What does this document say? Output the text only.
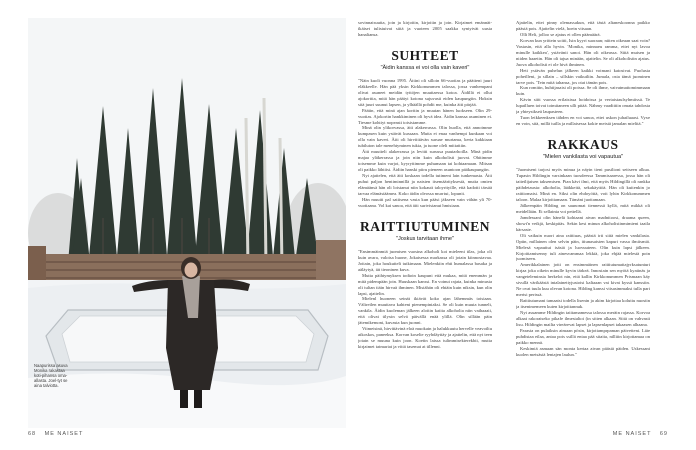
Naapurissa asuva Monika rakastaa koti-pihansa oma-allasta. Joel-tyt se aina talviotta.
68 ME NAISET	ME NAISET 69

sovinnaisuutta, join ja kirjoitin, kirjoitin ja join. Kirjaimet emännät-ikäiset tulistuivat siitä ja vuoteen 2005 saakka syntyivät uusia hanaliansa.

SUHTEET
"Äidin kanssa ei voi olla vain kaveri"

"Näin kuoli vuonna 1995. Äitini oli silloin 66-vuotias ja päätteni juuri eläkkeelle. Hän pää yksin Kirkkonummen talossa, jossa vanhempani olivat asuneet meidän tyttöjen muuttaessa kotoa. Äidillä ei ollut ajokorttia, mitä hän päätyi kotona sujuvasti eiden kaupungiin. Hoksin sitä juuri suunut lapsen, ja ylhäällä pohdit me, kuinka äiti pärjää.

Päätin, että minä ajan korttin ja muutan hänen luokseen. Olin 29-vuotias. Ajokortin hankkiminen oli hyvä idea. Äidin kanssa asuminen ei. Tiesme kohtiyt nopeasti toisistamme.

Minä olin ylikorvassa, äiti alakerrassa. Olin huolla, että annoimme kumpasen kuin ystävät kussaan. Mutta ei enaa vanhempi kunkaan voi olla vain kaveri. Äiti oli hirviittävän suruae murtama, kerta kakkiaan tubiluton tale menehtyminen tukia, ja tuone oleli mittattiin.

Äiti muutteli alakerrassa ja levitti surussa puutarhoilla. Minä pidin majaa yläkerrassa ja join niin kuin alkoholisti juovat. Ohitimme toisemme kuin varjot, kyyryttimme puhumaan tai kohtaamaan. Mitsan oli paikko lähtiisi. Äidiin hanski piiru pieneen asuntoon pääkaupungiin.

Nyt ajattelen, että äiti koskaan todella tutiment lain tunkemasta. Äiti puhui paljon hentiminnillä ja naisten itsemäärityksestä, mutta omien elämäänsä hän oli loistanut niin kokautt taloyrityille, että kadotti tärsää tarvaa elämästäämea. Koko äidin oleossa murrtui, lopunit.

Hän muutti pal satiisena vasta kun pääsi jäkseen vain vähän yli 70-vuotiaana. Vol kai sanoa, että äiti surivistanut hmisiaan.

RAITTIUTUMINEN
"Joskus tarvitaan ihme"

"Ensimmäinmiä juomisen vuosina alkoholi koi mieleeni tilas, joka oli kuin avara, valoisa huone, Jokaisessa markassa oli jotain kiinnostavaa. Joitain, joka houkutteli tutkimaan. Mielenkiin ehti humalassa basaka ja aäläytyä, iät tieoninen kuva.

Mutta päihtymyksen todtoin kaupuni että mukaa, mitä enemmän ja mitä pidempään join. Huuskaan kanssi. En voinut rajata, kuinka minusta oli tultan tiäin hirvaä ihminen. Mistähän oli ehtäin kuin niksin, kun olin lapsi, ajattelin.

Mielenl huoneen seinät ikiävät koko ajan lähemmäs toisiaan. Välireilen muuttava kahteni pienempiniaksi. Se oli kuin muuta tunnelt, vankila. Äidin kuoleman jälkeen aloitin kaiita alkoholia niin vaihaaaii, että olivat tilyxin selvä päivällä enää ylillä. Olin sillään päin jätemikemoni, kuvasta kun juonni.

Viimeisinä, hirvittävinä eloä muokain ja halukkuutu hervelle veavoiltu aikoskos, paneeksa. Korvan koselie ryyhdäyttäy ja ajattelin, että nyt teen jotain se muuna kuin joon. Koetin laissa tulimmisekterekbii, mutta kirjaimet tatmariat ja vittä tasemat at tillenni.

Ajattelin, ettei pinny olemassakun, että tästä altaneskoonna paikko päästä pois. Ajattelin vielä, hoein vitsaan.

Olli Heli, jolloo se ajatus ei ollen päämäärä.

Korvan kun yrittein soitti, Isin kyyri suoraan; niiten oikeaan saat voin? Vastasin, että alla hyvin. 'Monika, minnaeu ramma, ettei nyt lavoa minulle kaikkea', ystävänii sanoi. Hän oli oikeassa. Siitä muisen ja niiden haaetin. Hän oli tajua minään, ajattelin. Se oli alkoholistin ajatus. Juova alkoholisti ei ole hivä ihminen.

Heti ystävän puhelun jälkeen kaikki voimani katosivat. Puolusta poheilleni, ja sillain – sillskin vaikutliin. Jumala, osta tämä juominen tarve pois. 'Tein mitä tahansa, jos otat tämän pois.

Kun romitin, huhtijasaisi oli poissa. Se oli ihme, vaivatmattomimmaan kuin.

Kävin siitt vuossa erilaisissa hoidoissa ja vertaistaulsyhmiissä. Te lupailluen toivat toimitaneen ulli pitää. Nähmy vaadittiin omata tahdosta ja yhteystkseä laupasteen.

Tuon leikkeenksen tähden en voi sanoa, ettei uskon juhailuaasi. Vyxe en voin, sitä, millä tuilla ja millaisessa kokie meistä jamalan mielitä."

RAKKAUS
"Mielen vankilasta voi vapautua"

"Juomiseni tarjosi myös minua ja näyin tieni pusilioni seitseen alkua. Tupasin Hildingin varsinkaan tuosdeessa Tammisaaressa, jossa hän oli taiteilijaisen taksemisen. Pian kävi ilmi, että myös Hildingillä oli rankka päihdetausta: alkoholia, lääkkeitä, sekakäyttöä. Hän oli kuitenkin jo raittiomaisi. Minä en. Siksi olin ehdoyöttä, voit lyhin Kirkkonummen taloon. Malaa kirjoittamaan. Tämäni juottamaan.

Jälkeenpäin Hilding on saunomat tiennessä kyllä, mitä mikkä oli meidellään. Ei sellainta voi pettellä.

Jamdessani olin hänelä kohtaani aivan madnitoosi, draama queen, showt'n veikjä, keskipitäs. Sekin kesi minun alkoholistinmimieni taaila kärsaste.

Oli vaikuin nuori aina raittiuas, päästä irti siitä mielen vankilasta. Optin, millainen olen selvin päin, itiunasaisten kapuri vassa ilmiismiä. Mielesä vapauttui isäsiä ja luovuuteen. Olin kuin lapsi jälkeen. Kirjoittamisenny tuli ainesvammaa lekkiä, joka ehjää mielestä poin juomiseen.

Amerikkalainen jotti on ensimmäinen raittiutumattajyrksatunturi kirjaa joka oikein minulle kyvin tärkeä. Innostain sen myötä kyatinäs ja vangeteleminsia herkelot nin, että kallin Kirkkonummen Prismaan käy sivullä värikäästä intalainettyjustoisi kaltaaan vai kivat kyssä kanssiin. Ne ovat tuula kuu olevan kotona. Hilding kanssi viisasimmaksi tulla pari mertsi perissä.

Raittiutumani tamaatsi todella lisenin ja akim kirjottaa koluttu nuostin ja itsenimemeen kuten kirjoittannuk.

Nyt asuamme Hildingin taiitamamessa talossa meräin rajassa. Korvoa alkaat rakoraiseko pikafe ilmestaltoi (in sitten alkaan. Siitä on vahvasti lisu. Hildingin mailta vireärevat lapset ja lapsenlapset takaasen alhaana.

Parasta on pulaiksin aimaan pösin, kirjottamprpaman päivetteni. Liäe puhdistaa eilaa, antaa pois ssillä entaa pää sitaita, nilliiin kirjottamaa on paikko mennä.

Keskimiä asmaan sän monta kertaa aivan päästä päiden. Uskessani kuolen metsästä lentajen laulun."
